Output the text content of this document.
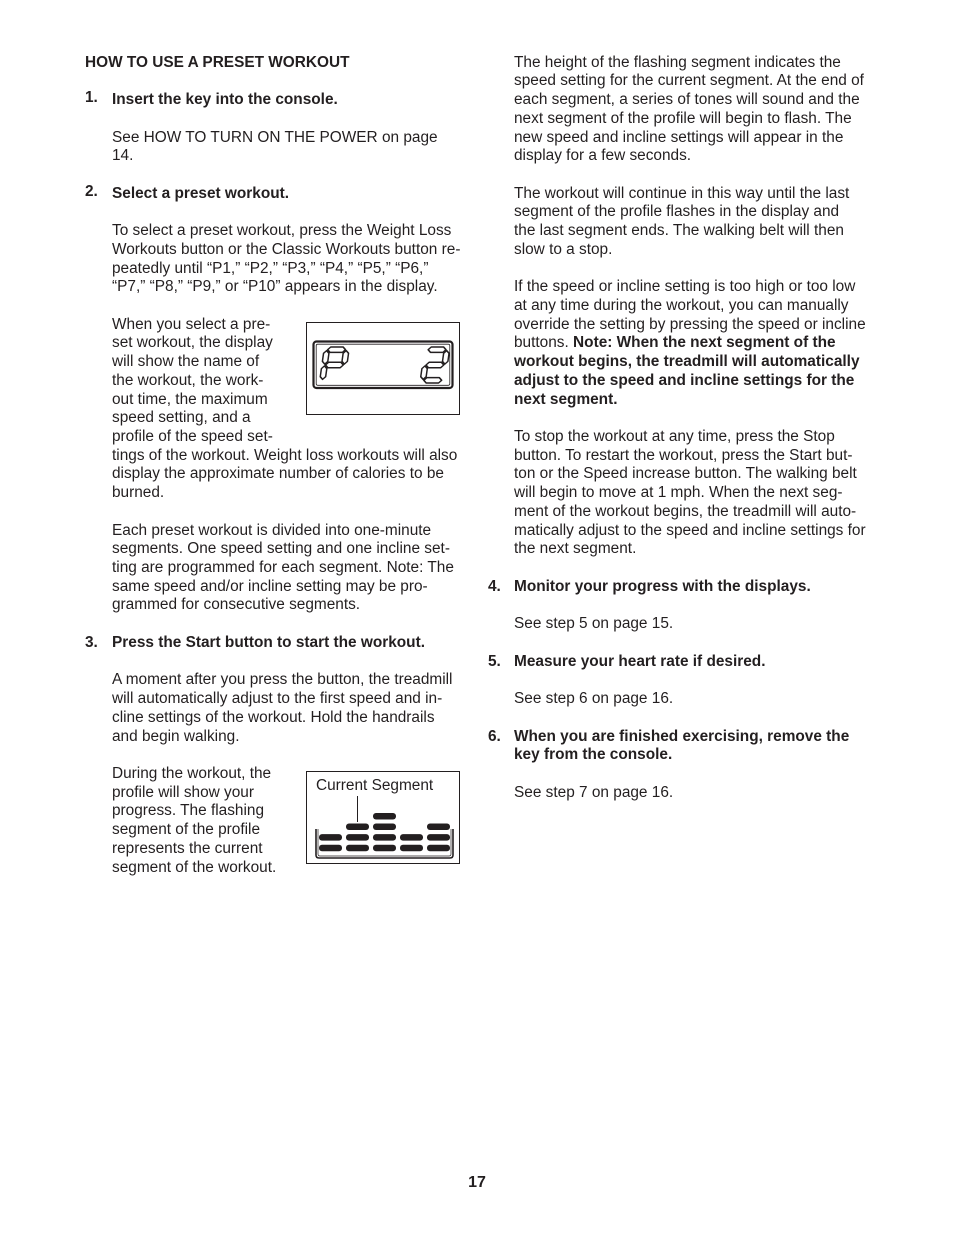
HOW TO USE A PRESET WORKOUT
1. Insert the key into the console.
See HOW TO TURN ON THE POWER on page
14.
2. Select a preset workout.
To select a preset workout, press the Weight Loss
Workouts button or the Classic Workouts button re-
peatedly until “P1,” “P2,” “P3,” “P4,” “P5,” “P6,”
“P7,” “P8,” “P9,” or “P10” appears in the display.
When you select a pre-
set workout, the display
will show the name of
the workout, the work-
out time, the maximum
speed setting, and a
profile of the speed set-
tings of the workout. Weight loss workouts will also
display the approximate number of calories to be
burned.
Each preset workout is divided into one-minute
segments. One speed setting and one incline set-
ting are programmed for each segment. Note: The
same speed and/or incline setting may be pro-
grammed for consecutive segments.
3. Press the Start button to start the workout.
A moment after you press the button, the treadmill
will automatically adjust to the first speed and in-
cline settings of the workout. Hold the handrails
and begin walking.
During the workout, the
profile will show your
progress. The flashing
segment of the profile
represents the current
segment of the workout.
Current Segment
The height of the flashing segment indicates the
speed setting for the current segment. At the end of
each segment, a series of tones will sound and the
next segment of the profile will begin to flash. The
new speed and incline settings will appear in the
display for a few seconds.
The workout will continue in this way until the last
segment of the profile flashes in the display and
the last segment ends. The walking belt will then
slow to a stop.
If the speed or incline setting is too high or too low
at any time during the workout, you can manually
override the setting by pressing the speed or incline
buttons. Note: When the next segment of the
workout begins, the treadmill will automatically
adjust to the speed and incline settings for the
next segment.
To stop the workout at any time, press the Stop
button. To restart the workout, press the Start but-
ton or the Speed increase button. The walking belt
will begin to move at 1 mph. When the next seg-
ment of the workout begins, the treadmill will auto-
matically adjust to the speed and incline settings for
the next segment.
4. Monitor your progress with the displays.
See step 5 on page 15.
5. Measure your heart rate if desired.
See step 6 on page 16.
6. When you are finished exercising, remove the
key from the console.
See step 7 on page 16.
17
